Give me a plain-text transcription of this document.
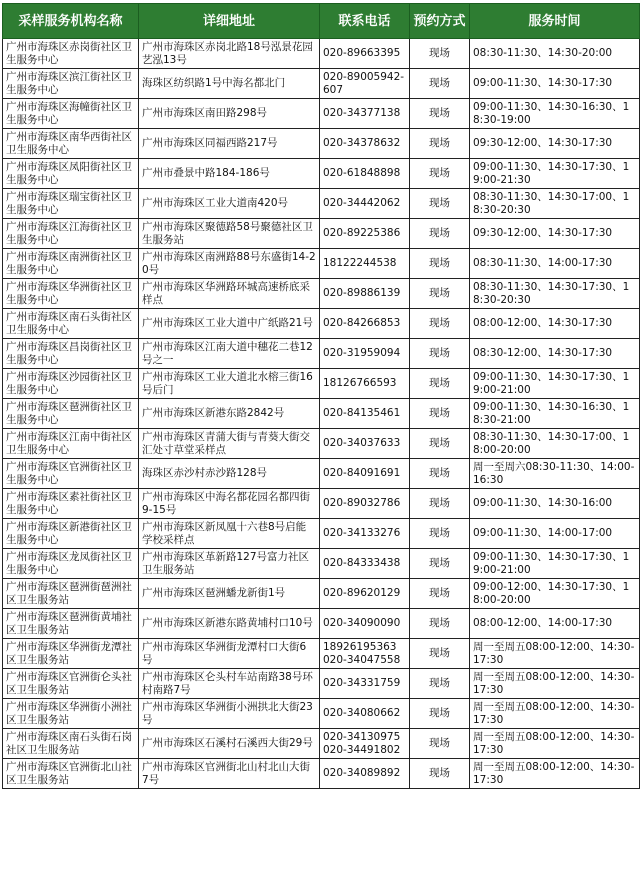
采样服务机构名称	详细地址	联系电话	预约方式	服务时间
广州市海珠区赤岗街社区卫生服务中心	广州市海珠区赤岗北路18号泓景花园艺泓13号	020-89663395	现场	08:30-11:30、14:30-20:00
广州市海珠区滨江街社区卫生服务中心	海珠区纺织路1号中海名都北门	020-89005942-607	现场	09:00-11:30、14:30-17:30
广州市海珠区海幢街社区卫生服务中心	广州市海珠区南田路298号	020-34377138	现场	09:00-11:30、14:30-16:30、18:30-19:00
广州市海珠区南华西街社区卫生服务中心	广州市海珠区同福西路217号	020-34378632	现场	09:30-12:00、14:30-17:30
广州市海珠区凤阳街社区卫生服务中心	广州市叠景中路184-186号	020-61848898	现场	09:00-11:30、14:30-17:30、19:00-21:30
广州市海珠区瑞宝街社区卫生服务中心	广州市海珠区工业大道南420号	020-34442062	现场	08:30-11:30、14:30-17:00、18:30-20:30
广州市海珠区江海街社区卫生服务中心	广州市海珠区聚德路58号聚德社区卫生服务站	020-89225386	现场	09:30-12:00、14:30-17:30
广州市海珠区南洲街社区卫生服务中心	广州市海珠区南洲路88号东盛街14-20号	18122244538	现场	08:30-11:30、14:00-17:30
广州市海珠区华洲街社区卫生服务中心	广州市海珠区华洲路环城高速桥底采样点	020-89886139	现场	08:30-11:30、14:30-17:30、18:30-20:30
广州市海珠区南石头街社区卫生服务中心	广州市海珠区工业大道中广纸路21号	020-84266853	现场	08:00-12:00、14:30-17:30
广州市海珠区昌岗街社区卫生服务中心	广州市海珠区江南大道中穗花二巷12号之一	020-31959094	现场	08:30-12:00、14:30-17:30
广州市海珠区沙园街社区卫生服务中心	广州市海珠区工业大道北水榕三街16号后门	18126766593	现场	09:00-11:30、14:30-17:30、19:00-21:00
广州市海珠区琶洲街社区卫生服务中心	广州市海珠区新港东路2842号	020-84135461	现场	09:00-11:30、14:30-16:30、18:30-21:00
广州市海珠区江南中街社区卫生服务中心	广州市海珠区青蒲大街与青葵大街交汇处寸草堂采样点	020-34037633	现场	08:30-11:30、14:30-17:00、18:00-20:00
广州市海珠区官洲街社区卫生服务中心	海珠区赤沙村赤沙路128号	020-84091691	现场	周一至周六08:30-11:30、14:00-16:30
广州市海珠区素社街社区卫生服务中心	广州市海珠区中海名都花园名都四街9-15号	020-89032786	现场	09:00-11:30、14:30-16:00
广州市海珠区新港街社区卫生服务中心	广州市海珠区新凤凰十六巷8号启能学校采样点	020-34133276	现场	09:00-11:30、14:00-17:00
广州市海珠区龙凤街社区卫生服务中心	广州市海珠区革新路127号富力社区卫生服务站	020-84333438	现场	09:00-11:30、14:30-17:30、19:00-21:00
广州市海珠区琶洲街琶洲社区卫生服务站	广州市海珠区琶洲蟠龙新街1号	020-89620129	现场	09:00-12:00、14:30-17:30、18:00-20:00
广州市海珠区琶洲街黄埔社区卫生服务站	广州市海珠区新港东路黄埔村口10号	020-34090090	现场	08:00-12:00、14:00-17:30
广州市海珠区华洲街龙潭社区卫生服务站	广州市海珠区华洲街龙潭村口大街6号	18926195363 020-34047558	现场	周一至周五08:00-12:00、14:30-17:30
广州市海珠区官洲街仑头社区卫生服务站	广州市海珠区仑头村车站南路38号环村南路7号	020-34331759	现场	周一至周五08:00-12:00、14:30-17:30
广州市海珠区华洲街小洲社区卫生服务站	广州市海珠区华洲街小洲拱北大街23号	020-34080662	现场	周一至周五08:00-12:00、14:30-17:30
广州市海珠区南石头街石岗社区卫生服务站	广州市海珠区石溪村石溪西大街29号	020-34130975 020-34491802	现场	周一至周五08:00-12:00、14:30-17:30
广州市海珠区官洲街北山社区卫生服务站	广州市海珠区官洲街北山村北山大街7号	020-34089892	现场	周一至周五08:00-12:00、14:30-17:30
